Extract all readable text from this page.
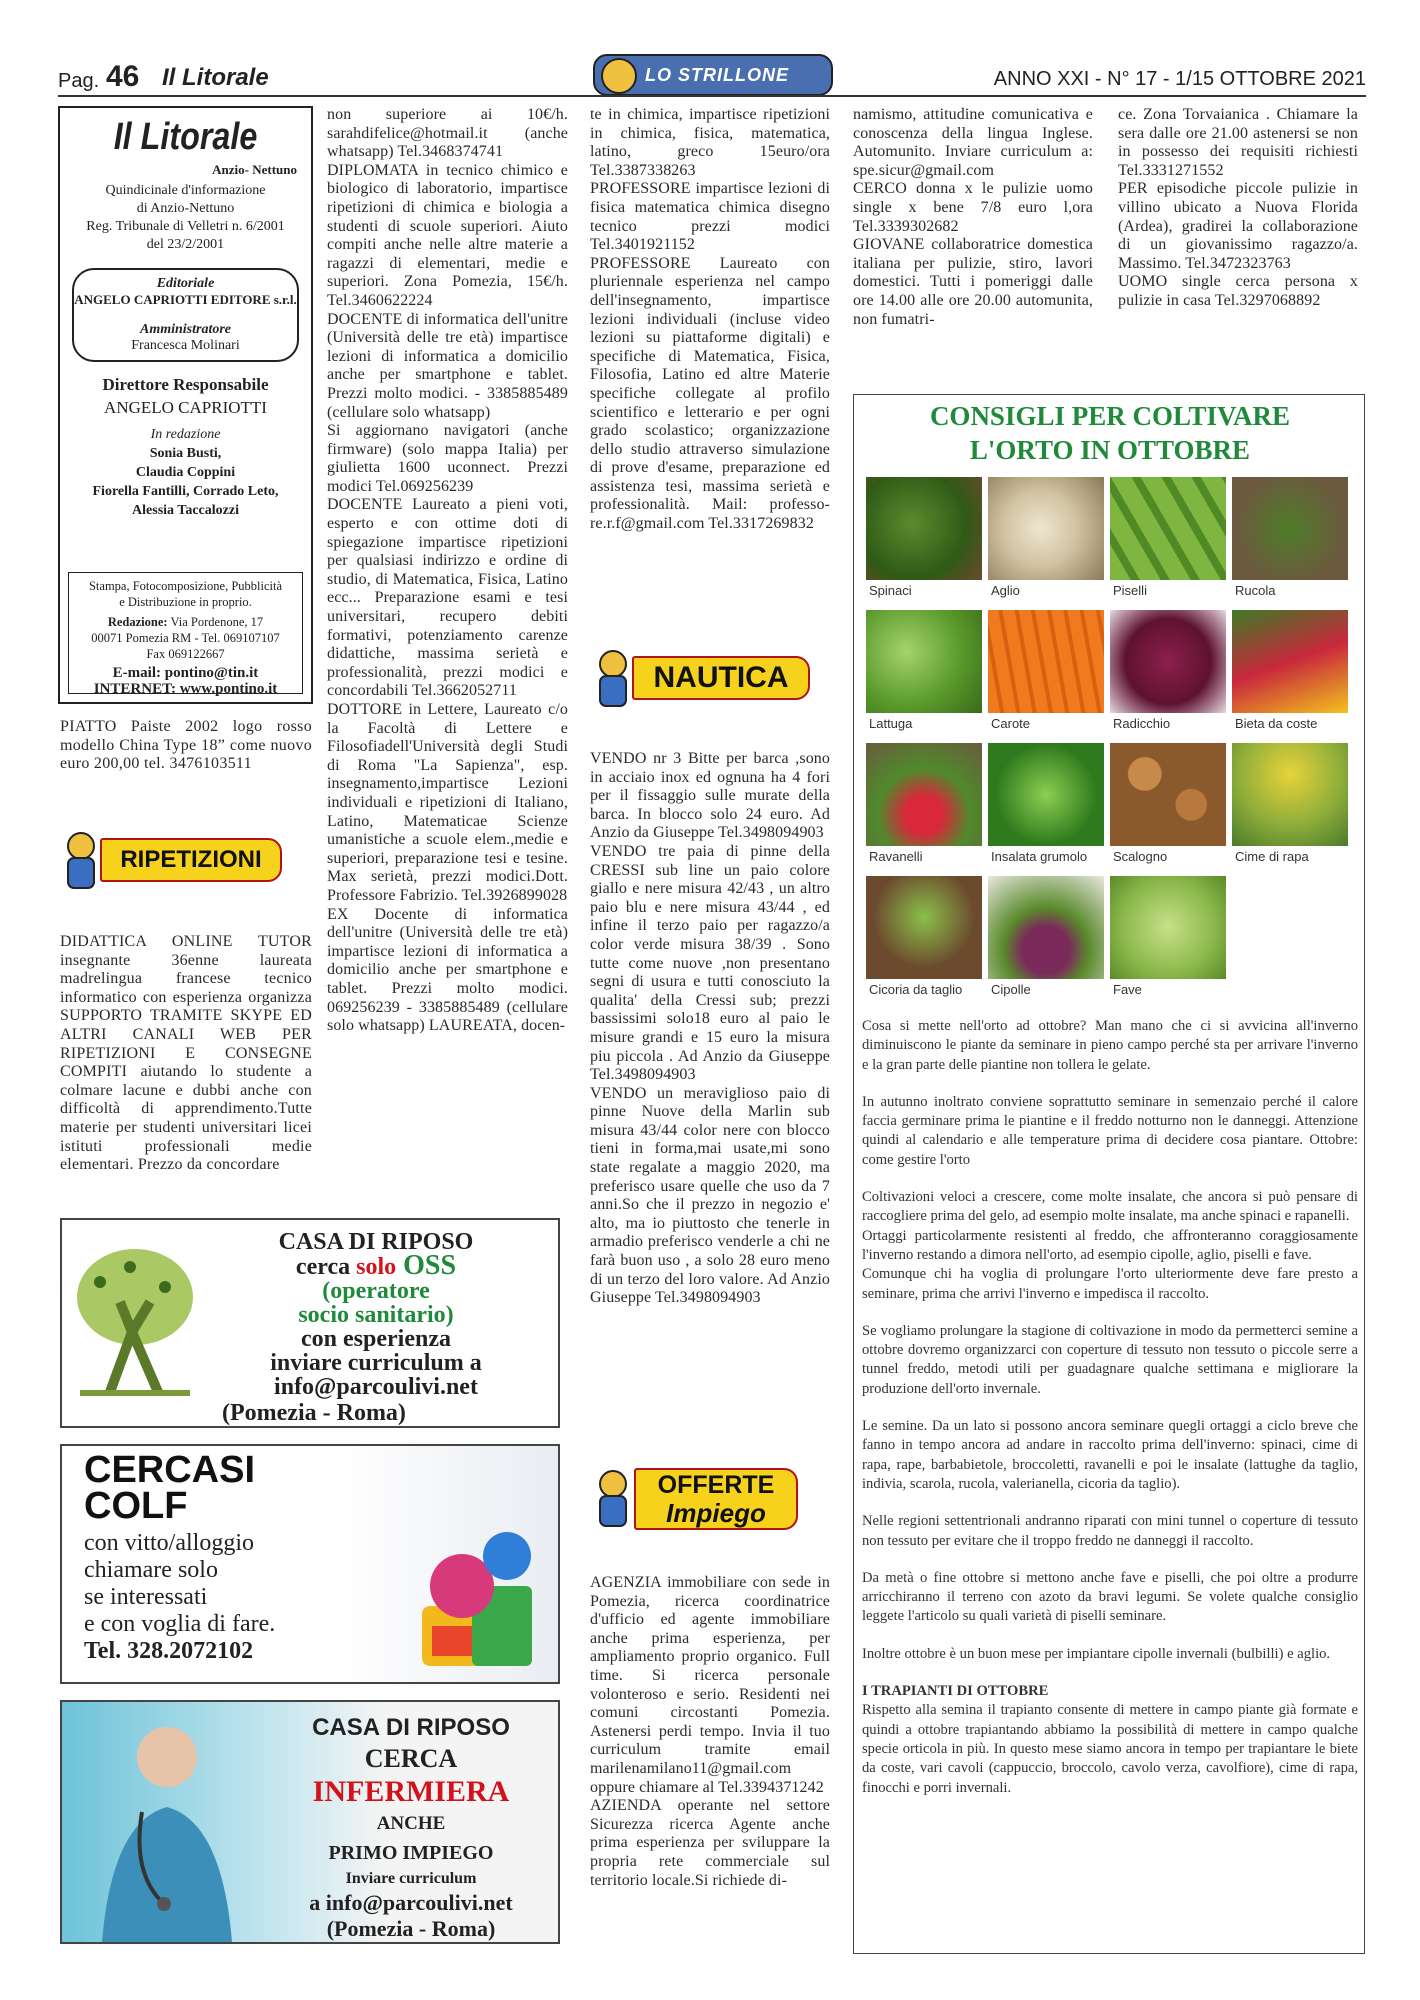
Pag. 46 Il Litorale	LO STRILLONE	ANNO XXI - N° 17 - 1/15 OTTOBRE 2021
Il Litorale
Anzio- Nettuno
Quindicinale d'informazione
di Anzio-Nettuno
Reg. Tribunale di Velletri n. 6/2001
del 23/2/2001
Editoriale
ANGELO CAPRIOTTI EDITORE s.r.l.
Amministratore
Francesca Molinari
Direttore Responsabile
ANGELO CAPRIOTTI
In redazione
Sonia Busti,
Claudia Coppini
Fiorella Fantilli, Corrado Leto,
Alessia Taccalozzi
Stampa, Fotocomposizione, Pubblicità
e Distribuzione in proprio.
Redazione: Via Pordenone, 17
00071 Pomezia RM - Tel. 069107107
Fax 069122667
E-mail: pontino@tin.it
INTERNET: www.pontino.it
PIATTO Paiste 2002 logo rosso modello China Type 18” come nuovo euro 200,00 tel. 3476103511
RIPETIZIONI
DIDATTICA ONLINE TUTOR insegnante 36enne laureata madrelingua francese tecnico informatico con esperienza organizza SUPPORTO TRAMITE SKYPE ED ALTRI CANALI WEB PER RIPETIZIONI E CONSEGNE COMPITI aiutando lo studente a colmare lacune e dubbi anche con difficoltà di apprendimento.Tutte materie per studenti universitari licei istituti professionali medie elementari. Prezzo da concordare
non superiore ai 10€/h. sarahdifelice@hotmail.it (anche whatsapp) Tel.3468374741
DIPLOMATA in tecnico chimico e biologico di laboratorio, impartisce ripetizioni di chimica e biologia a studenti di scuole superiori. Aiuto compiti anche nelle altre materie a ragazzi di elementari, medie e superiori. Zona Pomezia, 15€/h. Tel.3460622224
DOCENTE di informatica dell'unitre (Università delle tre età) impartisce lezioni di informatica a domicilio anche per smartphone e tablet. Prezzi molto modici. - 3385885489 (cellulare solo whatsapp)
Si aggiornano navigatori (anche firmware) (solo mappa Italia) per giulietta 1600 uconnect. Prezzi modici Tel.069256239
DOCENTE Laureato a pieni voti, esperto e con ottime doti di spiegazione impartisce ripetizioni per qualsiasi indirizzo e ordine di studio, di Matematica, Fisica, Latino ecc... Preparazione esami e tesi universitari, recupero debiti formativi, potenziamento carenze didattiche, massima serietà e professionalità, prezzi modici e concordabili Tel.3662052711
DOTTORE in Lettere, Laureato c/o la Facoltà di Lettere e Filosofiadell'Università degli Studi di Roma "La Sapienza", esp. insegnamento,impartisce Lezioni individuali e ripetizioni di Italiano, Latino, Matematicae Scienze umanistiche a scuole elem.,medie e superiori, preparazione tesi e tesine. Max serietà, prezzi modici.Dott. Professore Fabrizio. Tel.3926899028
EX Docente di informatica dell'unitre (Università delle tre età) impartisce lezioni di informatica a domicilio anche per smartphone e tablet. Prezzi molto modici. 069256239 - 3385885489 (cellulare solo whatsapp) LAUREATA, docen-
te in chimica, impartisce ripetizioni in chimica, fisica, matematica, latino, greco 15euro/ora Tel.3387338263
PROFESSORE impartisce lezioni di fisica matematica chimica disegno tecnico prezzi modici Tel.3401921152
PROFESSORE Laureato con pluriennale esperienza nel campo dell'insegnamento, impartisce lezioni individuali (incluse video lezioni su piattaforme digitali) e specifiche di Matematica, Fisica, Filosofia, Latino ed altre Materie specifiche collegate al profilo scientifico e letterario e per ogni grado scolastico; organizzazione dello studio attraverso simulazione di prove d'esame, preparazione ed assistenza tesi, massima serietà e professionalità. Mail: professo-re.r.f@gmail.com Tel.3317269832
NAUTICA
VENDO nr 3 Bitte per barca ,sono in acciaio inox ed ognuna ha 4 fori per il fissaggio sulle murate della barca. In blocco solo 24 euro. Ad Anzio da Giuseppe Tel.3498094903
VENDO tre paia di pinne della CRESSI sub line un paio colore giallo e nere misura 42/43 , un altro paio blu e nere misura 43/44 , ed infine il terzo paio per ragazzo/a color verde misura 38/39 . Sono tutte come nuove ,non presentano segni di usura e tutti conosciuto la qualita' della Cressi sub; prezzi bassissimi solo18 euro al paio le misure grandi e 15 euro la misura piu piccola . Ad Anzio da Giuseppe Tel.3498094903
VENDO un meraviglioso paio di pinne Nuove della Marlin sub misura 43/44 color nere con blocco tieni in forma,mai usate,mi sono state regalate a maggio 2020, ma preferisco usare quelle che uso da 7 anni.So che il prezzo in negozio e' alto, ma io piuttosto che tenerle in armadio preferisco venderle a chi ne farà buon uso , a solo 28 euro meno di un terzo del loro valore. Ad Anzio Giuseppe Tel.3498094903
OFFERTE
Impiego
AGENZIA immobiliare con sede in Pomezia, ricerca coordinatrice d'ufficio ed agente immobiliare anche prima esperienza, per ampliamento proprio organico. Full time. Si ricerca personale volonteroso e serio. Residenti nei comuni circostanti Pomezia. Astenersi perdi tempo. Invia il tuo curriculum tramite email marilenamilano11@gmail.com oppure chiamare al Tel.3394371242
AZIENDA operante nel settore Sicurezza ricerca Agente anche prima esperienza per sviluppare la propria rete commerciale sul territorio locale.Si richiede di-
namismo, attitudine comunicativa e conoscenza della lingua Inglese. Automunito. Inviare curriculum a: spe.sicur@gmail.com
CERCO donna x le pulizie uomo single x bene 7/8 euro l,ora Tel.3339302682
GIOVANE collaboratrice domestica italiana per pulizie, stiro, lavori domestici. Tutti i pomeriggi dalle ore 14.00 alle ore 20.00 automunita, non fumatri-
ce. Zona Torvaianica . Chiamare la sera dalle ore 21.00 astenersi se non in possesso dei requisiti richiesti Tel.3331271552
PER episodiche piccole pulizie in villino ubicato a Nuova Florida (Ardea), gradirei la collaborazione di un giovanissimo ragazzo/a. Massimo. Tel.3472323763
UOMO single cerca persona x pulizie in casa Tel.3297068892
CASA DI RIPOSO
cerca solo OSS
(operatore
socio sanitario)
con esperienza
inviare curriculum a
info@parcoulivi.net
(Pomezia - Roma)
CERCASI
COLF
con vitto/alloggio
chiamare solo
se interessati
e con voglia di fare.
Tel. 328.2072102
CASA DI RIPOSO
CERCA
INFERMIERA
ANCHE
PRIMO IMPIEGO
Inviare curriculum
a info@parcoulivi.net
(Pomezia - Roma)
CONSIGLI PER COLTIVARE
L'ORTO IN OTTOBRE
Spinaci	Aglio	Piselli	Rucola
Lattuga	Carote	Radicchio	Bieta da coste
Ravanelli	Insalata grumolo	Scalogno	Cime di rapa
Cicoria da taglio	Cipolle	Fave

Cosa si mette nell'orto ad ottobre? Man mano che ci si avvicina all'inverno diminuiscono le piante da seminare in pieno campo perché sta per arrivare l'inverno e la gran parte delle piantine non tollera le gelate.

In autunno inoltrato conviene soprattutto seminare in semenzaio perché il calore faccia germinare prima le piantine e il freddo notturno non le danneggi. Attenzione quindi al calendario e alle temperature prima di decidere cosa piantare. Ottobre: come gestire l'orto

Coltivazioni veloci a crescere, come molte insalate, che ancora si può pensare di raccogliere prima del gelo, ad esempio molte insalate, ma anche spinaci e rapanelli.
Ortaggi particolarmente resistenti al freddo, che affronteranno coraggiosamente l'inverno restando a dimora nell'orto, ad esempio cipolle, aglio, piselli e fave.
Comunque chi ha voglia di prolungare l'orto ulteriormente deve fare presto a seminare, prima che arrivi l'inverno e impedisca il raccolto.

Se vogliamo prolungare la stagione di coltivazione in modo da permetterci semine a ottobre dovremo organizzarci con coperture di tessuto non tessuto o piccole serre a tunnel freddo, metodi utili per guadagnare qualche settimana e migliorare la produzione dell'orto invernale.

Le semine. Da un lato si possono ancora seminare quegli ortaggi a ciclo breve che fanno in tempo ancora ad andare in raccolto prima dell'inverno: spinaci, cime di rapa, rape, barbabietole, broccoletti, ravanelli e poi le insalate (lattughe da taglio, indivia, scarola, rucola, valerianella, cicoria da taglio).

Nelle regioni settentrionali andranno riparati con mini tunnel o coperture di tessuto non tessuto per evitare che il troppo freddo ne danneggi il raccolto.

Da metà o fine ottobre si mettono anche fave e piselli, che poi oltre a produrre arricchiranno il terreno con azoto da bravi legumi. Se volete qualche consiglio leggete l'articolo su quali varietà di piselli seminare.

Inoltre ottobre è un buon mese per impiantare cipolle invernali (bulbilli) e aglio.

I TRAPIANTI DI OTTOBRE

Rispetto alla semina il trapianto consente di mettere in campo piante già formate e quindi a ottobre trapiantando abbiamo la possibilità di mettere in campo qualche specie orticola in più. In questo mese siamo ancora in tempo per trapiantare le biete da coste, vari cavoli (cappuccio, broccolo, cavolo verza, cavolfiore), cime di rapa, finocchi e porri invernali.
